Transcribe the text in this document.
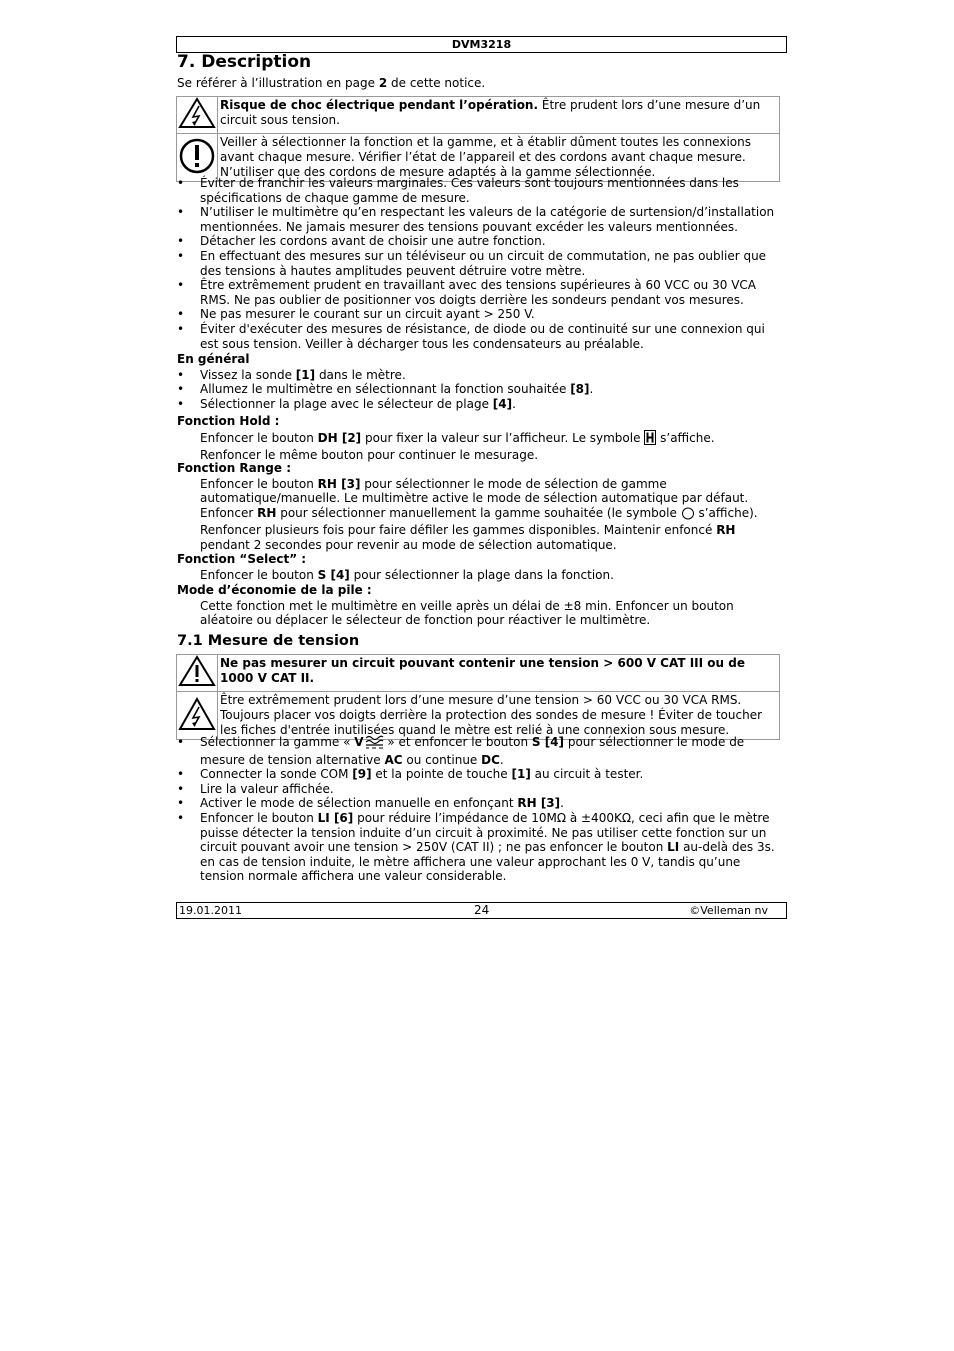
DVM3218
7. Description
Se référer à l’illustration en page 2 de cette notice.
	Risque de choc électrique pendant l’opération. Être prudent lors d’une mesure d’un circuit sous tension.
	Veiller à sélectionner la fonction et la gamme, et à établir dûment toutes les connexions avant chaque mesure. Vérifier l’état de l’appareil et des cordons avant chaque mesure. N’utiliser que des cordons de mesure adaptés à la gamme sélectionnée.
• Éviter de franchir les valeurs marginales. Ces valeurs sont toujours mentionnées dans les spécifications de chaque gamme de mesure.
• N’utiliser le multimètre qu’en respectant les valeurs de la catégorie de surtension/d’installation mentionnées. Ne jamais mesurer des tensions pouvant excéder les valeurs mentionnées.
• Détacher les cordons avant de choisir une autre fonction.
• En effectuant des mesures sur un téléviseur ou un circuit de commutation, ne pas oublier que des tensions à hautes amplitudes peuvent détruire votre mètre.
• Être extrêmement prudent en travaillant avec des tensions supérieures à 60 VCC ou 30 VCA RMS. Ne pas oublier de positionner vos doigts derrière les sondeurs pendant vos mesures.
• Ne pas mesurer le courant sur un circuit ayant > 250 V.
• Éviter d'exécuter des mesures de résistance, de diode ou de continuité sur une connexion qui est sous tension. Veiller à décharger tous les condensateurs au préalable.
En général
• Vissez la sonde [1] dans le mètre.
• Allumez le multimètre en sélectionnant la fonction souhaitée [8].
• Sélectionner la plage avec le sélecteur de plage [4].
Fonction Hold :
Enfoncer le bouton DH [2] pour fixer la valeur sur l’afficheur. Le symbole  s’affiche.
Renfoncer le même bouton pour continuer le mesurage.
Fonction Range :
Enfoncer le bouton RH [3] pour sélectionner le mode de sélection de gamme automatique/manuelle. Le multimètre active le mode de sélection automatique par défaut.
Enfoncer RH pour sélectionner manuellement la gamme souhaitée (le symbole  s’affiche).
Renfoncer plusieurs fois pour faire défiler les gammes disponibles. Maintenir enfoncé RH pendant 2 secondes pour revenir au mode de sélection automatique.
Fonction “Select” :
Enfoncer le bouton S [4] pour sélectionner la plage dans la fonction.
Mode d’économie de la pile :
Cette fonction met le multimètre en veille après un délai de ±8 min. Enfoncer un bouton aléatoire ou déplacer le sélecteur de fonction pour réactiver le multimètre.
7.1 Mesure de tension
	Ne pas mesurer un circuit pouvant contenir une tension > 600 V CAT III ou de 1000 V CAT II.
	Être extrêmement prudent lors d’une mesure d’une tension > 60 VCC ou 30 VCA RMS. Toujours placer vos doigts derrière la protection des sondes de mesure ! Éviter de toucher les fiches d'entrée inutilisées quand le mètre est relié à une connexion sous mesure.
• Sélectionner la gamme « V » et enfoncer le bouton S [4] pour sélectionner le mode de mesure de tension alternative AC ou continue DC.
• Connecter la sonde COM [9] et la pointe de touche [1] au circuit à tester.
• Lire la valeur affichée.
• Activer le mode de sélection manuelle en enfonçant RH [3].
• Enfoncer le bouton LI [6] pour réduire l’impédance de 10MΩ à ±400KΩ, ceci afin que le mètre puisse détecter la tension induite d’un circuit à proximité. Ne pas utiliser cette fonction sur un circuit pouvant avoir une tension > 250V (CAT II) ; ne pas enfoncer le bouton LI au-delà des 3s. en cas de tension induite, le mètre affichera une valeur approchant les 0 V, tandis qu’une tension normale affichera une valeur considerable.
19.01.2011	24	©Velleman nv
